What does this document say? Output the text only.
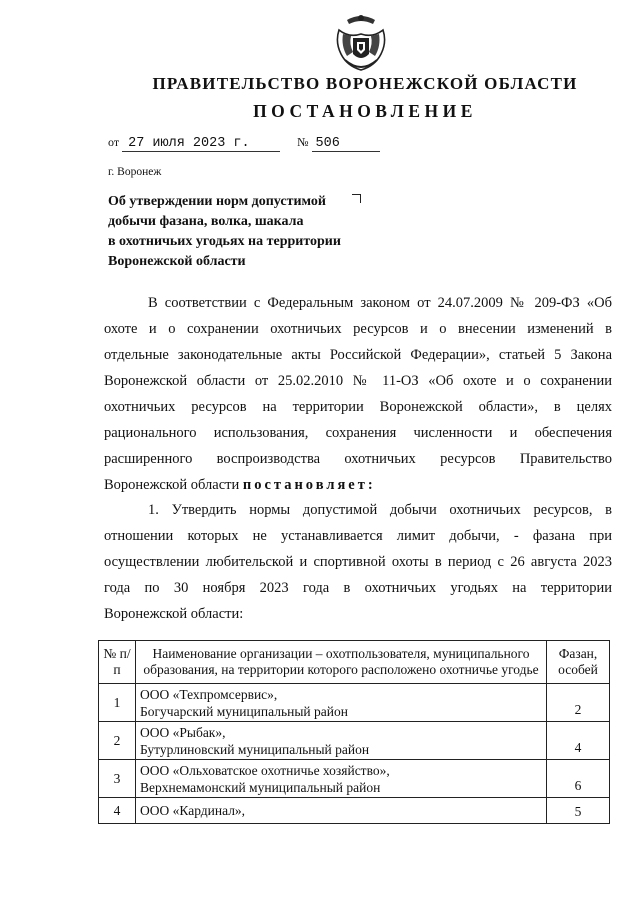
ПРАВИТЕЛЬСТВО ВОРОНЕЖСКОЙ ОБЛАСТИ
ПОСТАНОВЛЕНИЕ
от 27 июля 2023 г.	№ 506
г. Воронеж
Об утверждении норм допустимой
добычи фазана, волка, шакала
в охотничьих угодьях на территории
Воронежской области
В соответствии с Федеральным законом от 24.07.2009 № 209-ФЗ «Об
охоте и о сохранении охотничьих ресурсов и о внесении изменений в
отдельные законодательные акты Российской Федерации», статьей 5 Закона
Воронежской области от 25.02.2010 № 11-ОЗ «Об охоте и о сохранении
охотничьих ресурсов на территории Воронежской области», в целях
рационального использования, сохранения численности и обеспечения
расширенного воспроизводства охотничьих ресурсов Правительство
Воронежской области постановляет:
1. Утвердить нормы допустимой добычи охотничьих ресурсов, в
отношении которых не устанавливается лимит добычи, - фазана при
осуществлении любительской и спортивной охоты в период с 26 августа 2023
года по 30 ноября 2023 года в охотничьих угодьях на территории
Воронежской области:
№ п/п	Наименование организации – охотпользователя, муниципального образования, на территории которого расположено охотничье угодье	Фазан, особей
1	ООО «Техпромсервис»,
Богучарский муниципальный район	2
2	ООО «Рыбак»,
Бутурлиновский муниципальный район	4
3	ООО «Ольховатское охотничье хозяйство»,
Верхнемамонский муниципальный район	6
4	ООО «Кардинал»,	5
